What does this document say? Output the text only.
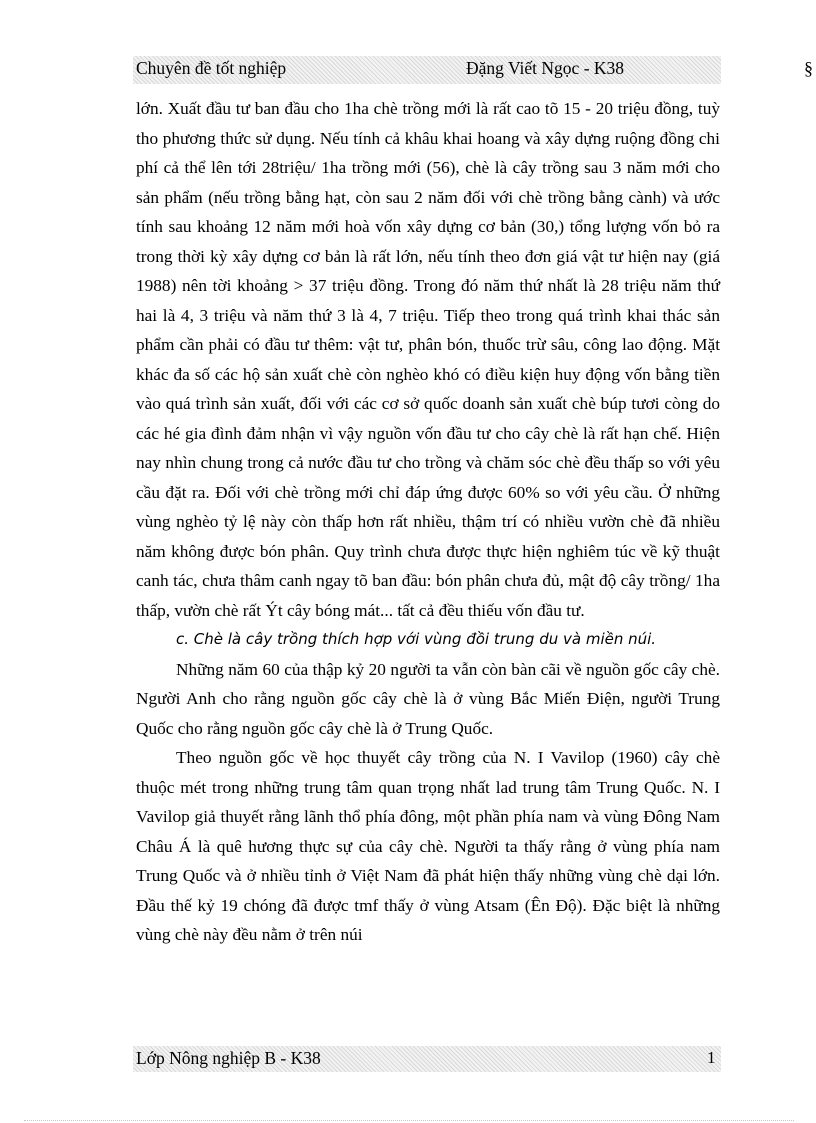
Chuyên đề tốt nghiệp	Đặng Viết Ngọc - K38	§

lớn. Xuất đầu tư ban đầu cho 1ha chè trồng mới là rất cao tõ 15 - 20 triệu đồng, tuỳ tho phương thức sử dụng. Nếu tính cả khâu khai hoang và xây dựng ruộng đồng chi phí cả thể lên tới 28triệu/ 1ha trồng mới (56), chè là cây trồng sau 3 năm mới cho sản phẩm (nếu trồng bằng hạt, còn sau 2 năm đối với chè trồng bằng cành) và ước tính sau khoảng 12 năm mới hoà vốn xây dựng cơ bản (30,) tổng lượng vốn bỏ ra trong thời kỳ xây dựng cơ bản là rất lớn, nếu tính theo đơn giá vật tư hiện nay (giá 1988) nên tời khoảng > 37 triệu đồng. Trong đó năm thứ nhất là 28 triệu năm thứ hai là 4, 3 triệu và năm thứ 3 là 4, 7 triệu. Tiếp theo trong quá trình khai thác sản phẩm cần phải có đầu tư thêm: vật tư, phân bón, thuốc trừ sâu, công lao động. Mặt khác đa số các hộ sản xuất chè còn nghèo khó có điều kiện huy động vốn bằng tiền vào quá trình sản xuất, đối với các cơ sở quốc doanh sản xuất chè búp tươi còng do các hé gia đình đảm nhận vì vậy nguồn vốn đầu tư cho cây chè là rất hạn chế. Hiện nay nhìn chung trong cả nước đầu tư cho trồng và chăm sóc chè đều thấp so với yêu cầu đặt ra. Đối với chè trồng mới chỉ đáp ứng được 60% so với yêu cầu. Ở những vùng nghèo tỷ lệ này còn thấp hơn rất nhiều, thậm trí có nhiều vườn chè đã nhiều năm không được bón phân. Quy trình chưa được thực hiện nghiêm túc về kỹ thuật canh tác, chưa thâm canh ngay tõ ban đầu: bón phân chưa đủ, mật độ cây trồng/ 1ha thấp, vườn chè rất Ýt cây bóng mát... tất cả đều thiếu vốn đầu tư.

c. Chè là cây trồng thích hợp với vùng đồi trung du và miền núi.

Những năm 60 của thập kỷ 20 người ta vẫn còn bàn cãi về nguồn gốc cây chè. Người Anh cho rằng nguồn gốc cây chè là ở vùng Bắc Miến Điện, người Trung Quốc cho rằng nguồn gốc cây chè là ở Trung Quốc.

Theo nguồn gốc về học thuyết cây trồng của N. I Vavilop (1960) cây chè thuộc mét trong những trung tâm quan trọng nhất lad trung tâm Trung Quốc. N. I Vavilop giả thuyết rằng lãnh thổ phía đông, một phần phía nam và vùng Đông Nam Châu Á là quê hương thực sự của cây chè. Người ta thấy rằng ở vùng phía nam Trung Quốc và ở nhiều tỉnh ở Việt Nam đã phát hiện thấy những vùng chè dại lớn. Đầu thế kỷ 19 chóng đã được tmf thấy ở vùng Atsam (Ên Độ). Đặc biệt là những vùng chè này đều nằm ở trên núi

Lớp Nông nghiệp B - K38	1
